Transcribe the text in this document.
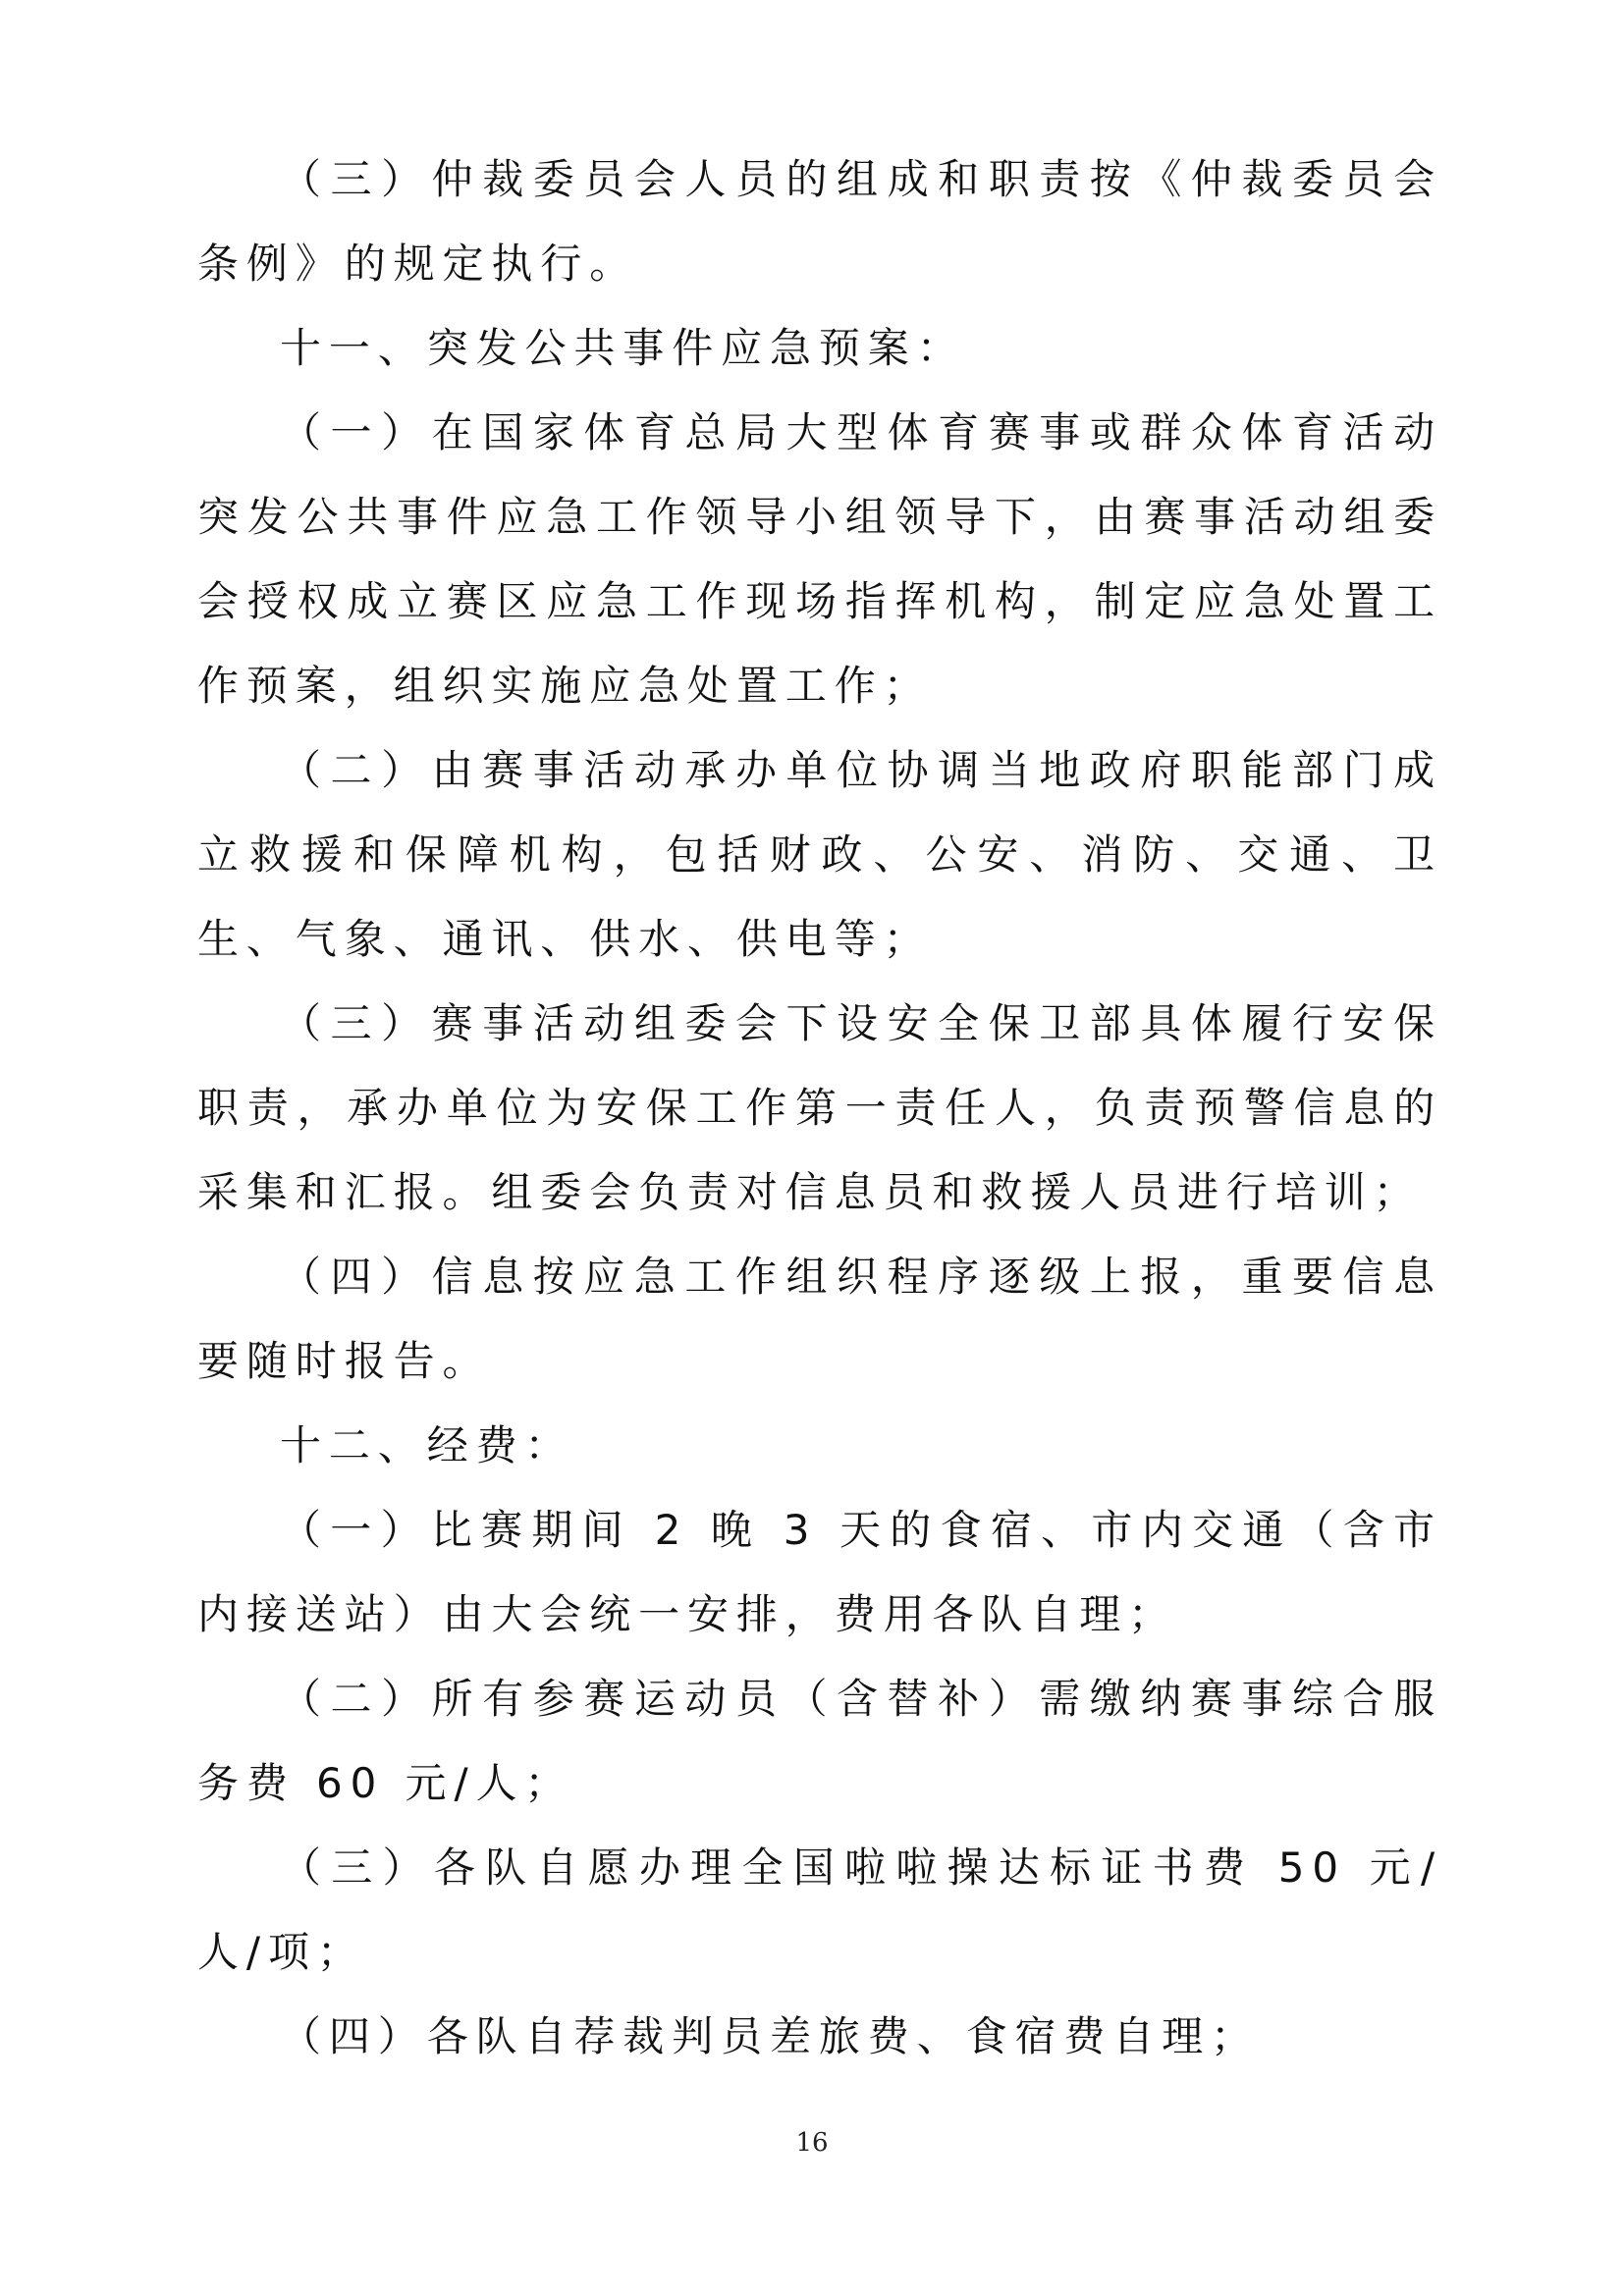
（三）仲裁委员会人员的组成和职责按《仲裁委员会条例》的规定执行。

十一、突发公共事件应急预案：

（一）在国家体育总局大型体育赛事或群众体育活动突发公共事件应急工作领导小组领导下，由赛事活动组委会授权成立赛区应急工作现场指挥机构，制定应急处置工作预案，组织实施应急处置工作；

（二）由赛事活动承办单位协调当地政府职能部门成立救援和保障机构，包括财政、公安、消防、交通、卫生、气象、通讯、供水、供电等；

（三）赛事活动组委会下设安全保卫部具体履行安保职责，承办单位为安保工作第一责任人，负责预警信息的采集和汇报。组委会负责对信息员和救援人员进行培训；

（四）信息按应急工作组织程序逐级上报，重要信息要随时报告。

十二、经费：

（一）比赛期间 2 晚 3 天的食宿、市内交通（含市内接送站）由大会统一安排，费用各队自理；

（二）所有参赛运动员（含替补）需缴纳赛事综合服务费 60 元/人；

（三）各队自愿办理全国啦啦操达标证书费 50 元/人/项；

（四）各队自荐裁判员差旅费、食宿费自理；

16
